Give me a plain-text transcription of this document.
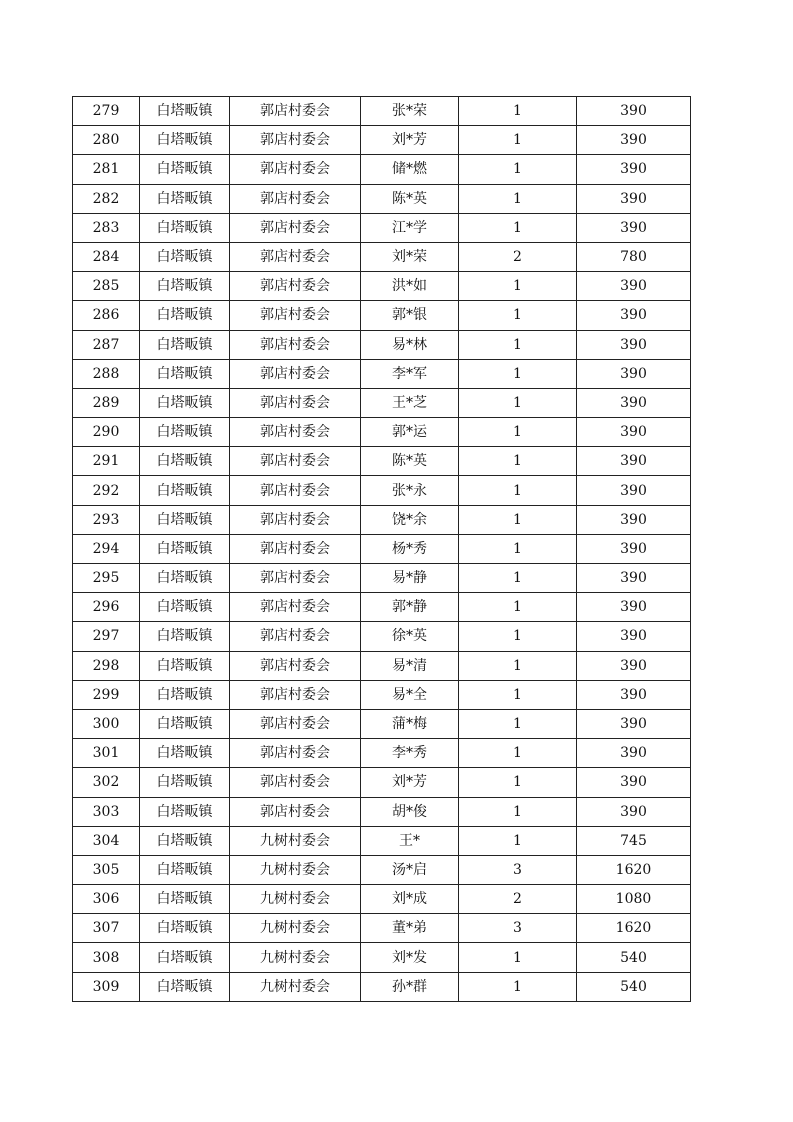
279	白塔畈镇	郭店村委会	张*荣	1	390
280	白塔畈镇	郭店村委会	刘*芳	1	390
281	白塔畈镇	郭店村委会	储*燃	1	390
282	白塔畈镇	郭店村委会	陈*英	1	390
283	白塔畈镇	郭店村委会	江*学	1	390
284	白塔畈镇	郭店村委会	刘*荣	2	780
285	白塔畈镇	郭店村委会	洪*如	1	390
286	白塔畈镇	郭店村委会	郭*银	1	390
287	白塔畈镇	郭店村委会	易*林	1	390
288	白塔畈镇	郭店村委会	李*军	1	390
289	白塔畈镇	郭店村委会	王*芝	1	390
290	白塔畈镇	郭店村委会	郭*运	1	390
291	白塔畈镇	郭店村委会	陈*英	1	390
292	白塔畈镇	郭店村委会	张*永	1	390
293	白塔畈镇	郭店村委会	饶*余	1	390
294	白塔畈镇	郭店村委会	杨*秀	1	390
295	白塔畈镇	郭店村委会	易*静	1	390
296	白塔畈镇	郭店村委会	郭*静	1	390
297	白塔畈镇	郭店村委会	徐*英	1	390
298	白塔畈镇	郭店村委会	易*清	1	390
299	白塔畈镇	郭店村委会	易*全	1	390
300	白塔畈镇	郭店村委会	蒲*梅	1	390
301	白塔畈镇	郭店村委会	李*秀	1	390
302	白塔畈镇	郭店村委会	刘*芳	1	390
303	白塔畈镇	郭店村委会	胡*俊	1	390
304	白塔畈镇	九树村委会	王*	1	745
305	白塔畈镇	九树村委会	汤*启	3	1620
306	白塔畈镇	九树村委会	刘*成	2	1080
307	白塔畈镇	九树村委会	董*弟	3	1620
308	白塔畈镇	九树村委会	刘*发	1	540
309	白塔畈镇	九树村委会	孙*群	1	540
